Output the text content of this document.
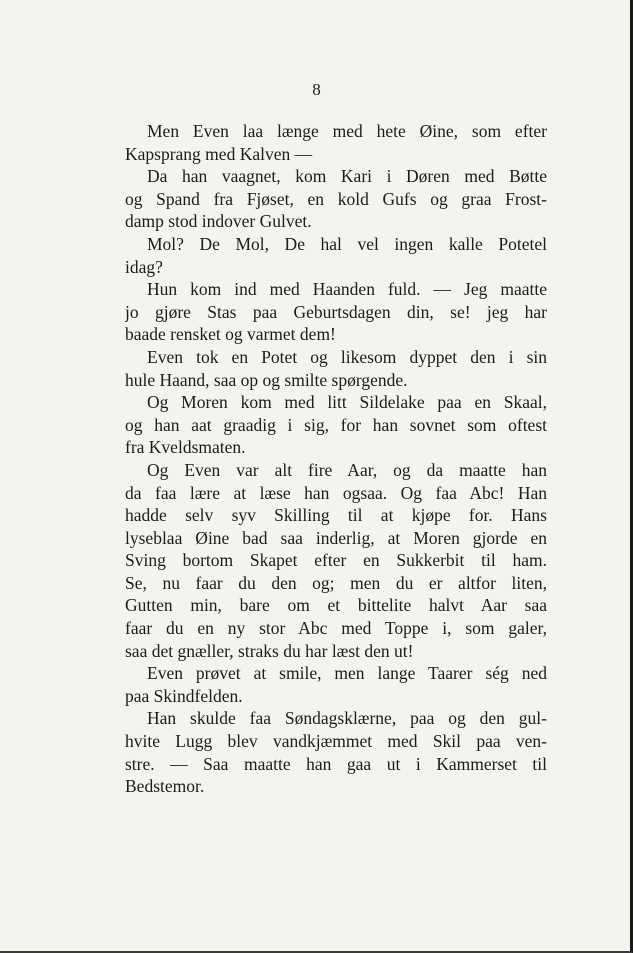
8
Men Even laa længe med hete Øine, som efter
Kapsprang med Kalven —
Da han vaagnet, kom Kari i Døren med Bøtte
og Spand fra Fjøset, en kold Gufs og graa Frost-
damp stod indover Gulvet.
Mol? De Mol, De hal vel ingen kalle Potetel
idag?
Hun kom ind med Haanden fuld. — Jeg maatte
jo gjøre Stas paa Geburtsdagen din, se! jeg har
baade rensket og varmet dem!
Even tok en Potet og likesom dyppet den i sin
hule Haand, saa op og smilte spørgende.
Og Moren kom med litt Sildelake paa en Skaal,
og han aat graadig i sig, for han sovnet som oftest
fra Kveldsmaten.
Og Even var alt fire Aar, og da maatte han
da faa lære at læse han ogsaa. Og faa Abc! Han
hadde selv syv Skilling til at kjøpe for. Hans
lyseblaa Øine bad saa inderlig, at Moren gjorde en
Sving bortom Skapet efter en Sukkerbit til ham.
Se, nu faar du den og; men du er altfor liten,
Gutten min, bare om et bittelite halvt Aar saa
faar du en ny stor Abc med Toppe i, som galer,
saa det gnæller, straks du har læst den ut!
Even prøvet at smile, men lange Taarer ség ned
paa Skindfelden.
Han skulde faa Søndagsklærne, paa og den gul-
hvite Lugg blev vandkjæmmet med Skil paa ven-
stre. — Saa maatte han gaa ut i Kammerset til
Bedstemor.
